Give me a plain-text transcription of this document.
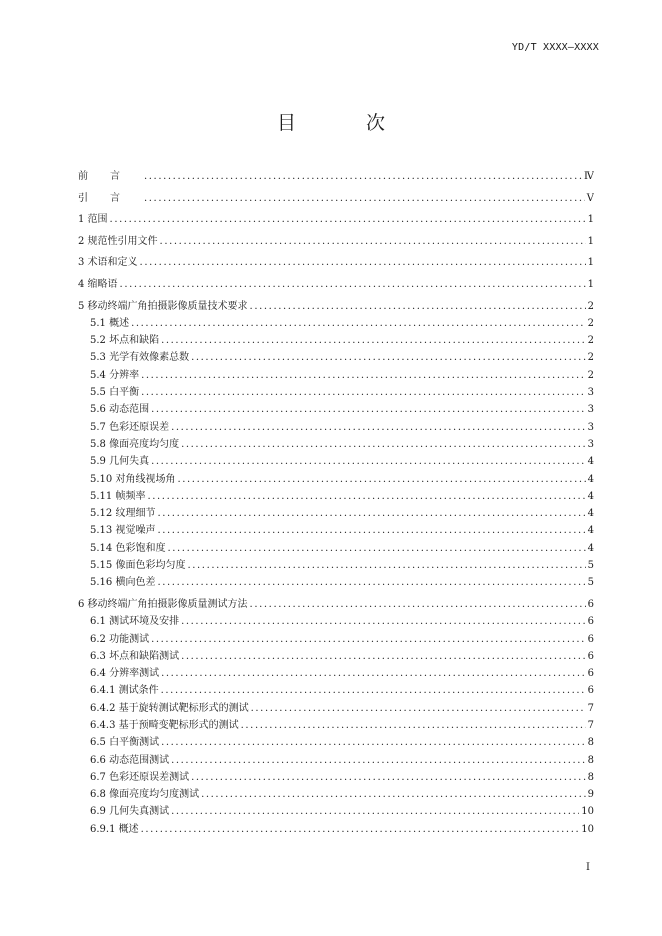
YD/T XXXX—XXXX
目 次
前言 .....	Ⅳ
引言 .....	Ⅴ
1 范围 .....	1
2 规范性引用文件 .....	1
3 术语和定义 .....	1
4 缩略语 .....	1
5 移动终端广角拍摄影像质量技术要求 .....	2
5.1 概述 .....	2
5.2 坏点和缺陷 .....	2
5.3 光学有效像素总数 .....	2
5.4 分辨率 .....	2
5.5 白平衡 .....	3
5.6 动态范围 .....	3
5.7 色彩还原误差 .....	3
5.8 像面亮度均匀度 .....	3
5.9 几何失真 .....	4
5.10 对角线视场角 .....	4
5.11 帧频率 .....	4
5.12 纹理细节 .....	4
5.13 视觉噪声 .....	4
5.14 色彩饱和度 .....	4
5.15 像面色彩均匀度 .....	5
5.16 横向色差 .....	5
6 移动终端广角拍摄影像质量测试方法 .....	6
6.1 测试环境及安排 .....	6
6.2 功能测试 .....	6
6.3 坏点和缺陷测试 .....	6
6.4 分辨率测试 .....	6
6.4.1 测试条件 .....	6
6.4.2 基于旋转测试靶标形式的测试 .....	7
6.4.3 基于预畸变靶标形式的测试 .....	7
6.5 白平衡测试 .....	8
6.6 动态范围测试 .....	8
6.7 色彩还原误差测试 .....	8
6.8 像面亮度均匀度测试 .....	9
6.9 几何失真测试 .....	10
6.9.1 概述 .....	10
I
